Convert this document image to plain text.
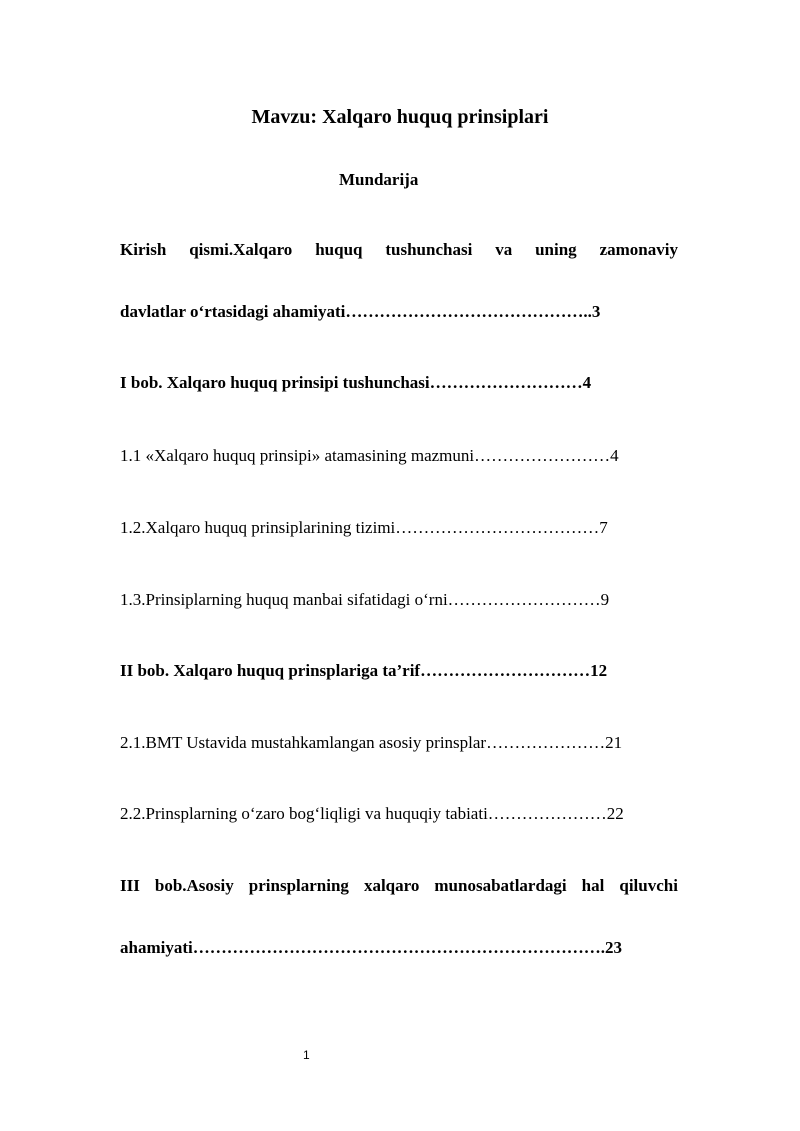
Mavzu: Xalqaro huquq prinsiplari
Mundarija
Kirish qismi.Xalqaro huquq tushunchasi va uning zamonaviy
davlatlar o‘rtasidagi ahamiyati……………………………………..3
I bob. Xalqaro huquq prinsipi tushunchasi………………………4
1.1 «Xalqaro huquq prinsipi» atamasining mazmuni……………………4
1.2.Xalqaro huquq prinsiplarining tizimi………………………………7
1.3.Prinsiplarning huquq manbai sifatidagi o‘rni………………………9
II bob. Xalqaro huquq prinsplariga ta’rif…………………………12
2.1.BMT Ustavida mustahkamlangan asosiy prinsplar…………………21
2.2.Prinsplarning o‘zaro bog‘liqligi va huquqiy tabiati…………………22
III bob.Asosiy prinsplarning xalqaro munosabatlardagi hal qiluvchi
ahamiyati……………………………………………………………….23
1
